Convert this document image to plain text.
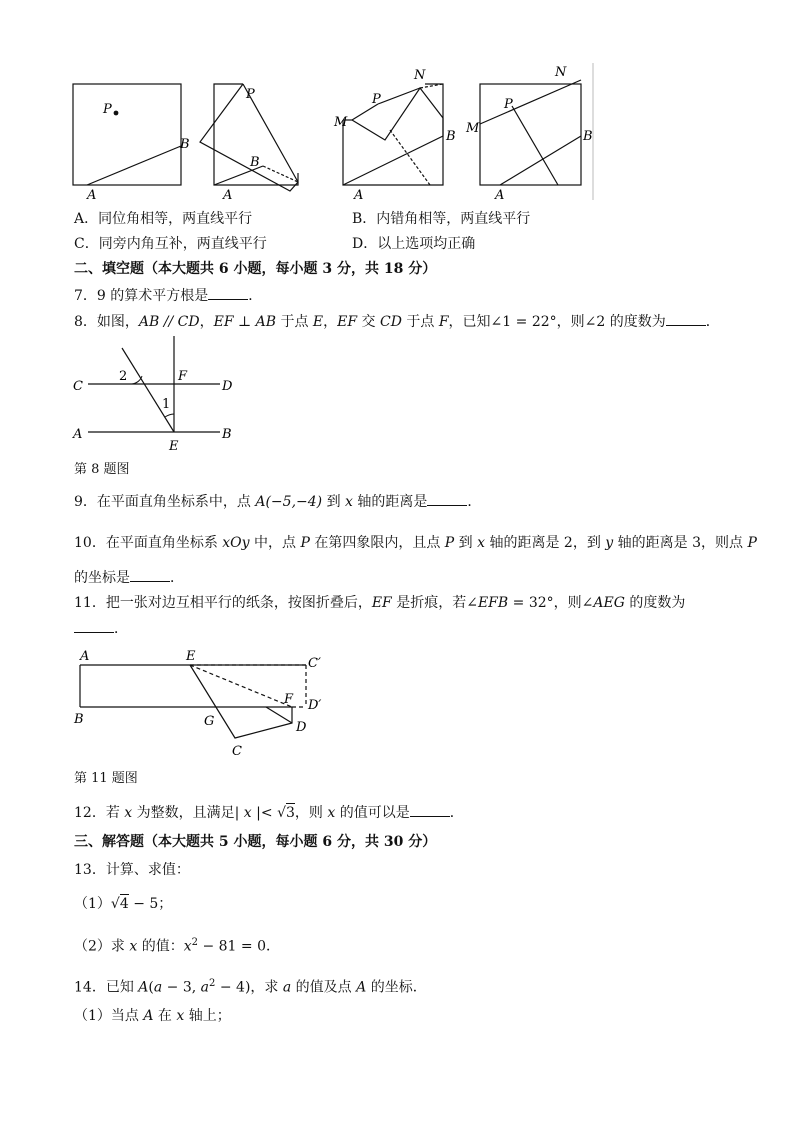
P
B
A
P
B
A
N
P
M
B
A
N
P
M
B
A
A．同位角相等，两直线平行	B．内错角相等，两直线平行
C．同旁内角互补，两直线平行	D．以上选项均正确
二、填空题（本大题共 6 小题，每小题 3 分，共 18 分）
7．9 的算术平方根是	．
8．如图，AB // CD，EF ⊥ AB 于点 E，EF 交 CD 于点 F，已知∠1 = 22°，则∠2 的度数为	．
C	D
A	B
E
F
1
2
第 8 题图
9．在平面直角坐标系中，点 A(−5,−4) 到 x 轴的距离是	．
10．在平面直角坐标系 xOy 中，点 P 在第四象限内，且点 P 到 x 轴的距离是 2，到 y 轴的距离是 3，则点 P
的坐标是	．
11．把一张对边互相平行的纸条，按图折叠后，EF 是折痕，若∠EFB = 32°，则∠AEG 的度数为
．
A	E	C′
F D′
B	G	D
C
第 11 题图
12．若 x 为整数，且满足| x |< √3，则 x 的值可以是	．
三、解答题（本大题共 5 小题，每小题 6 分，共 30 分）
13．计算、求值：
（1）√4 − 5；
（2）求 x 的值：$x^2 - 81 = 0$．
14．已知 A(a − 3, $a^2 - 4$)，求 a 的值及点 A 的坐标．
（1）当点 A 在 x 轴上；
